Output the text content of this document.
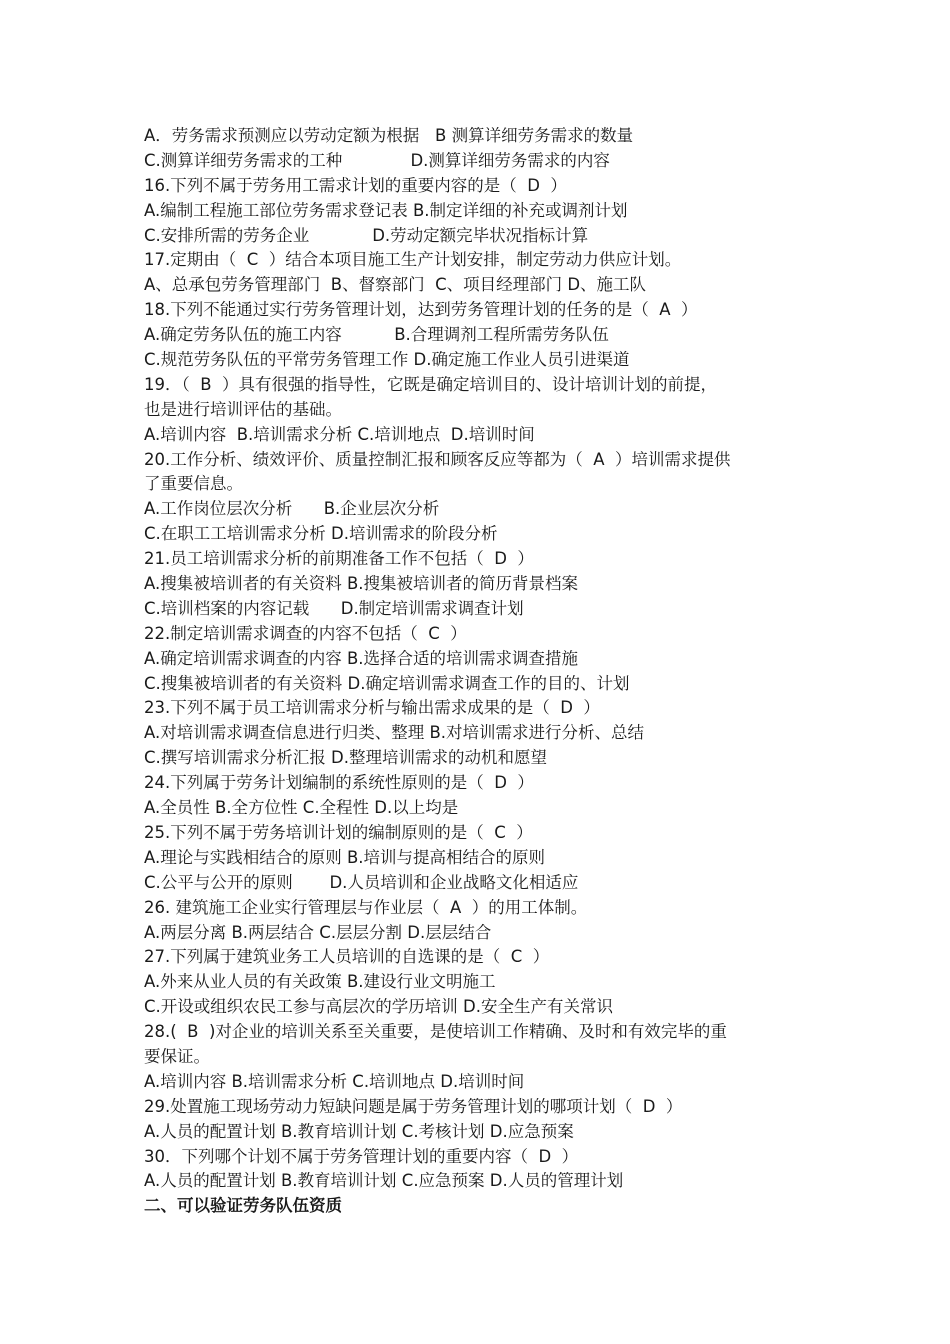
A．劳务需求预测应以劳动定额为根据   B 测算详细劳务需求的数量
C.测算详细劳务需求的工种             D.测算详细劳务需求的内容
16.下列不属于劳务用工需求计划的重要内容的是（  D  ）
A.编制工程施工部位劳务需求登记表 B.制定详细的补充或调剂计划
C.安排所需的劳务企业            D.劳动定额完毕状况指标计算
17.定期由（  C  ）结合本项目施工生产计划安排，制定劳动力供应计划。
A、总承包劳务管理部门  B、督察部门  C、项目经理部门 D、施工队
18.下列不能通过实行劳务管理计划，达到劳务管理计划的任务的是（  A  ）
A.确定劳务队伍的施工内容          B.合理调剂工程所需劳务队伍
C.规范劳务队伍的平常劳务管理工作 D.确定施工作业人员引进渠道
19．（  B  ）具有很强的指导性，它既是确定培训目的、设计培训计划的前提，
也是进行培训评估的基础。
A.培训内容  B.培训需求分析 C.培训地点  D.培训时间
20.工作分析、绩效评价、质量控制汇报和顾客反应等都为（  A  ）培训需求提供
了重要信息。
A.工作岗位层次分析      B.企业层次分析
C.在职工工培训需求分析 D.培训需求的阶段分析
21.员工培训需求分析的前期准备工作不包括（  D  ）
A.搜集被培训者的有关资料 B.搜集被培训者的简历背景档案
C.培训档案的内容记载      D.制定培训需求调查计划
22.制定培训需求调查的内容不包括（  C  ）
A.确定培训需求调查的内容 B.选择合适的培训需求调查措施
C.搜集被培训者的有关资料 D.确定培训需求调查工作的目的、计划
23.下列不属于员工培训需求分析与输出需求成果的是（  D  ）
A.对培训需求调查信息进行归类、整理 B.对培训需求进行分析、总结
C.撰写培训需求分析汇报 D.整理培训需求的动机和愿望
24.下列属于劳务计划编制的系统性原则的是（  D  ）
A.全员性 B.全方位性 C.全程性 D.以上均是
25.下列不属于劳务培训计划的编制原则的是（  C  ）
A.理论与实践相结合的原则 B.培训与提高相结合的原则
C.公平与公开的原则       D.人员培训和企业战略文化相适应
26. 建筑施工企业实行管理层与作业层（  A  ）的用工体制。
A.两层分离 B.两层结合 C.层层分割 D.层层结合
27.下列属于建筑业务工人员培训的自选课的是（  C  ）
A.外来从业人员的有关政策 B.建设行业文明施工
C.开设或组织农民工参与高层次的学历培训 D.安全生产有关常识
28.(  B  )对企业的培训关系至关重要，是使培训工作精确、及时和有效完毕的重
要保证。
A.培训内容 B.培训需求分析 C.培训地点 D.培训时间
29.处置施工现场劳动力短缺问题是属于劳务管理计划的哪项计划（  D  ）
A.人员的配置计划 B.教育培训计划 C.考核计划 D.应急预案
30．下列哪个计划不属于劳务管理计划的重要内容（  D  ）
A.人员的配置计划 B.教育培训计划 C.应急预案 D.人员的管理计划
二、可以验证劳务队伍资质
